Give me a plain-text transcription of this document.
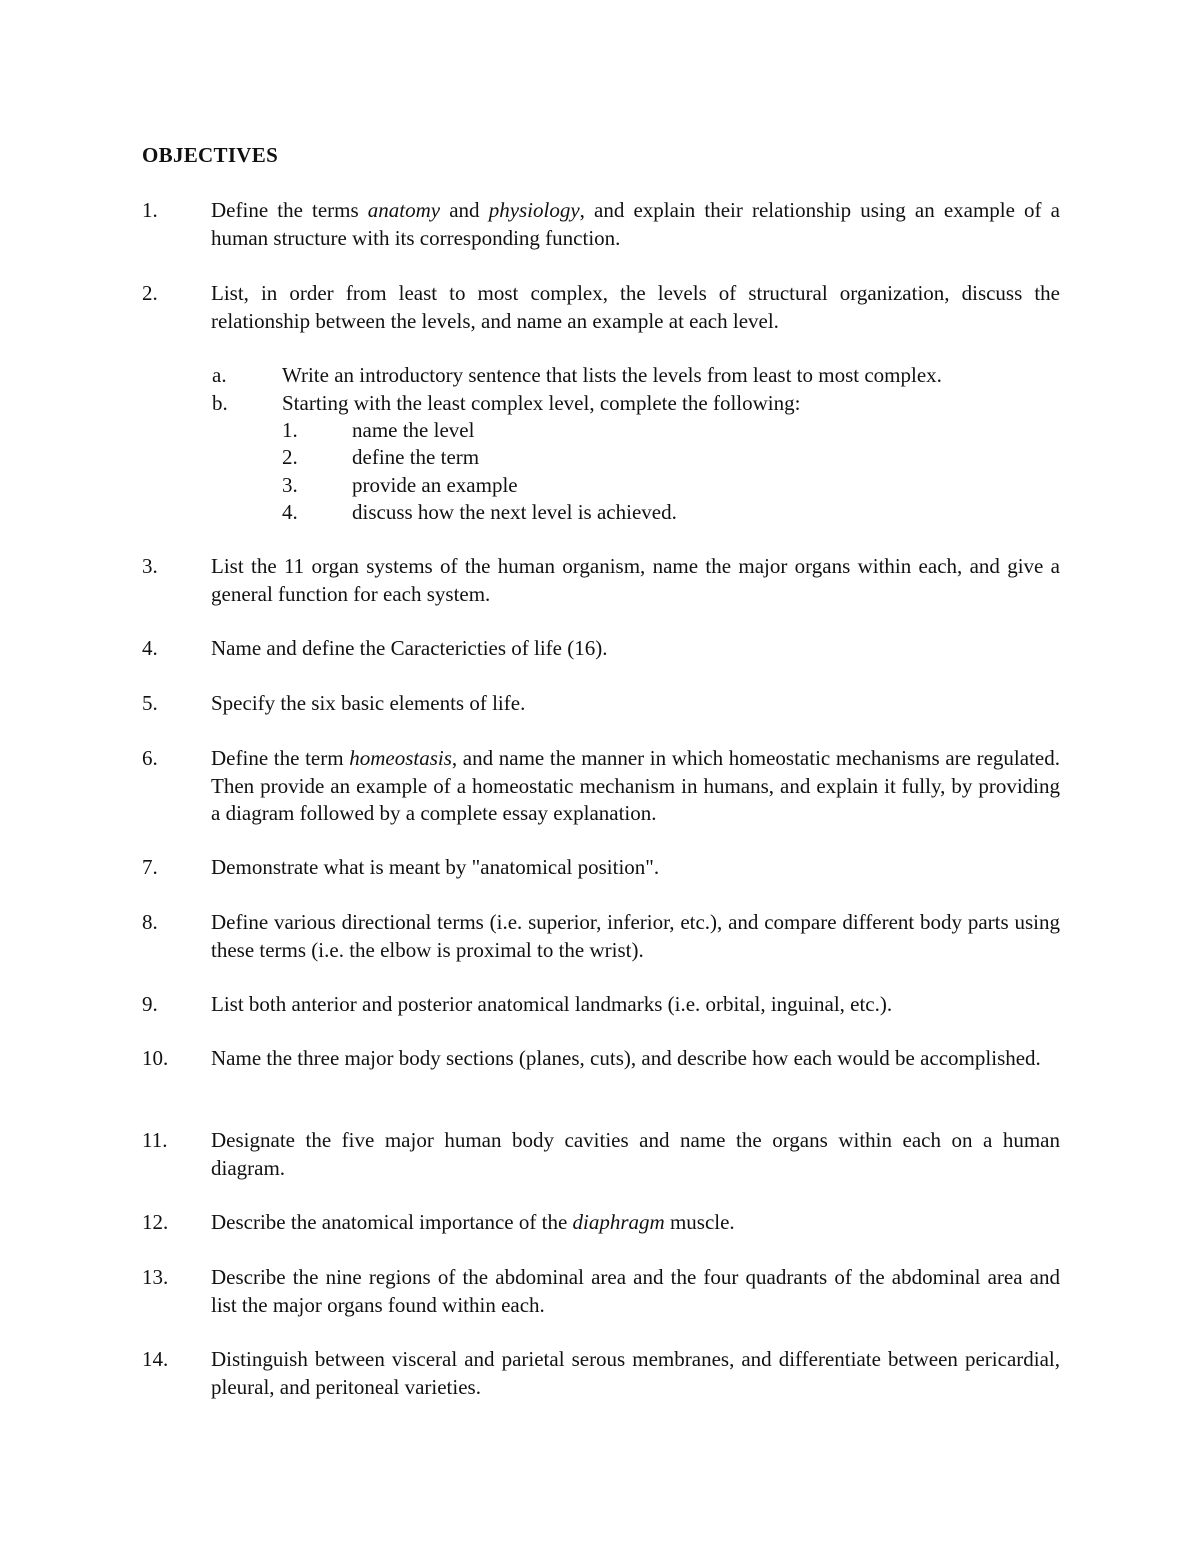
OBJECTIVES
1.	Define the terms anatomy and physiology, and explain their relationship using an example of a human structure with its corresponding function.
2.	List, in order from least to most complex, the levels of structural organization, discuss the relationship between the levels, and name an example at each level.
a.	Write an introductory sentence that lists the levels from least to most complex.
b.	Starting with the least complex level, complete the following:
1.	name the level
2.	define the term
3.	provide an example
4.	discuss how the next level is achieved.
3.	List the 11 organ systems of the human organism, name the major organs within each, and give a general function for each system.
4.	Name and define the Caractericties of life (16).
5.	Specify the six basic elements of life.
6.	Define the term homeostasis, and name the manner in which homeostatic mechanisms are regulated. Then provide an example of a homeostatic mechanism in humans, and explain it fully, by providing a diagram followed by a complete essay explanation.
7.	Demonstrate what is meant by "anatomical position".
8.	Define various directional terms (i.e. superior, inferior, etc.), and compare different body parts using these terms (i.e. the elbow is proximal to the wrist).
9.	List both anterior and posterior anatomical landmarks (i.e. orbital, inguinal, etc.).
10. Name the three major body sections (planes, cuts), and describe how each would be accomplished.
11. Designate the five major human body cavities and name the organs within each on a human diagram.
12. Describe the anatomical importance of the diaphragm muscle.
13. Describe the nine regions of the abdominal area and the four quadrants of the abdominal area and list the major organs found within each.
14. Distinguish between visceral and parietal serous membranes, and differentiate between pericardial, pleural, and peritoneal varieties.
